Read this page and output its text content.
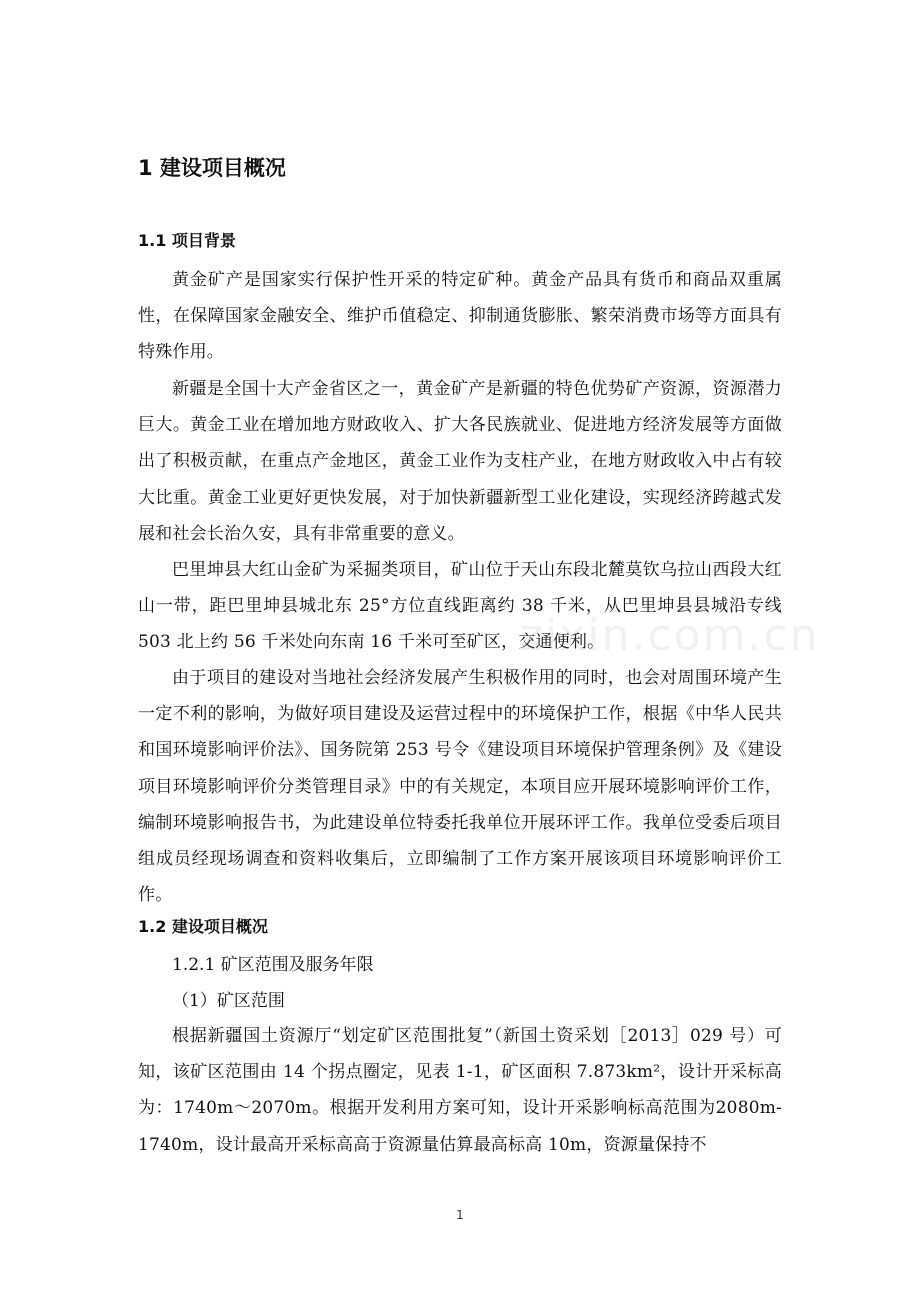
1 建设项目概况
1.1 项目背景

黄金矿产是国家实行保护性开采的特定矿种。黄金产品具有货币和商品双重属性，在保障国家金融安全、维护币值稳定、抑制通货膨胀、繁荣消费市场等方面具有特殊作用。

新疆是全国十大产金省区之一，黄金矿产是新疆的特色优势矿产资源，资源潜力巨大。黄金工业在增加地方财政收入、扩大各民族就业、促进地方经济发展等方面做出了积极贡献，在重点产金地区，黄金工业作为支柱产业，在地方财政收入中占有较大比重。黄金工业更好更快发展，对于加快新疆新型工业化建设，实现经济跨越式发展和社会长治久安，具有非常重要的意义。

巴里坤县大红山金矿为采掘类项目，矿山位于天山东段北麓莫钦乌拉山西段大红山一带，距巴里坤县城北东 25°方位直线距离约 38 千米，从巴里坤县县城沿专线 503 北上约 56 千米处向东南 16 千米可至矿区，交通便利。

由于项目的建设对当地社会经济发展产生积极作用的同时，也会对周围环境产生一定不利的影响，为做好项目建设及运营过程中的环境保护工作，根据《中华人民共和国环境影响评价法》、国务院第 253 号令《建设项目环境保护管理条例》及《建设项目环境影响评价分类管理目录》中的有关规定，本项目应开展环境影响评价工作，编制环境影响报告书，为此建设单位特委托我单位开展环评工作。我单位受委后项目组成员经现场调查和资料收集后，立即编制了工作方案开展该项目环境影响评价工作。

1.2 建设项目概况

1.2.1 矿区范围及服务年限

（1）矿区范围

根据新疆国土资源厅“划定矿区范围批复”（新国土资采划［2013］029 号）可知，该矿区范围由 14 个拐点圈定，见表 1-1，矿区面积 7.873km²，设计开采标高为：1740m～2070m。根据开发利用方案可知，设计开采影响标高范围为2080m-1740m，设计最高开采标高高于资源量估算最高标高 10m，资源量保持不

zixin.com.cn
1
